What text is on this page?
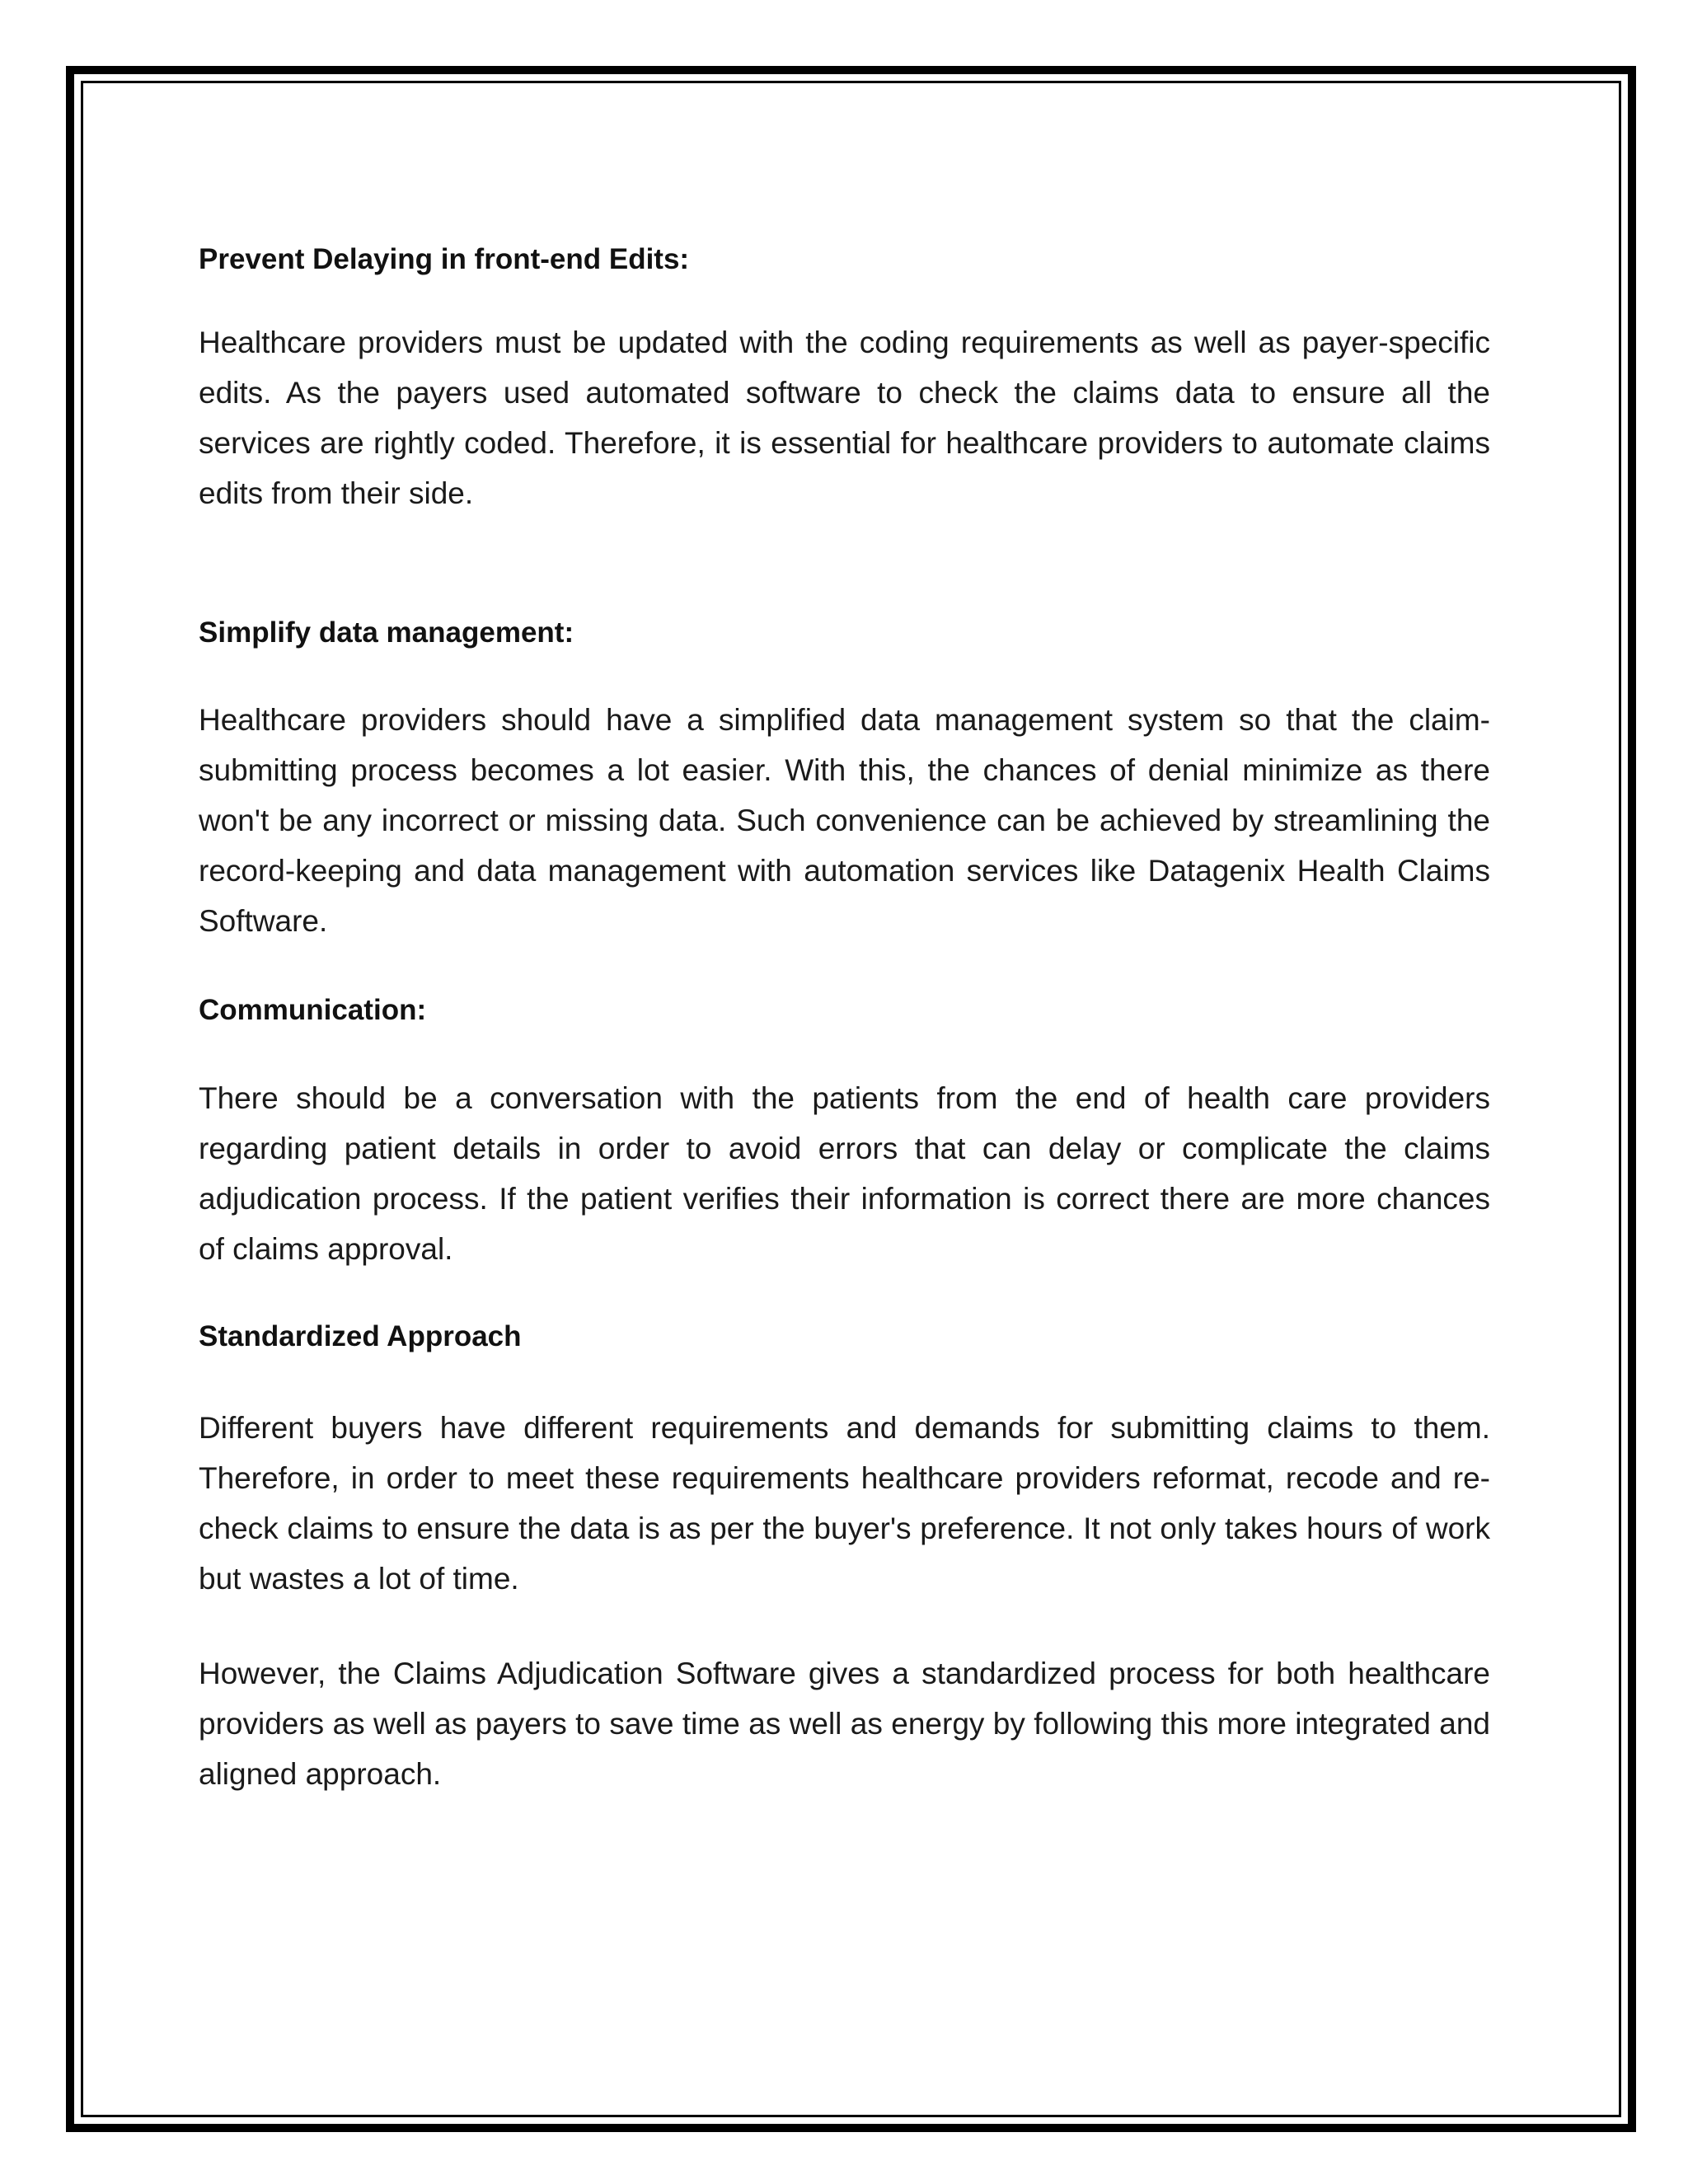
Prevent Delaying in front-end Edits:

Healthcare providers must be updated with the coding requirements as well as payer-specific edits. As the payers used automated software to check the claims data to ensure all the services are rightly coded. Therefore, it is essential for healthcare providers to automate claims edits from their side.

Simplify data management:

Healthcare providers should have a simplified data management system so that the claim- submitting process becomes a lot easier. With this, the chances of denial minimize as there won't be any incorrect or missing data. Such convenience can be achieved by streamlining the record-keeping and data management with automation services like Datagenix Health Claims Software.

Communication:

There should be a conversation with the patients from the end of health care providers regarding patient details in order to avoid errors that can delay or complicate the claims adjudication process. If the patient verifies their information is correct there are more chances of claims approval.

Standardized Approach

Different buyers have different requirements and demands for submitting claims to them. Therefore, in order to meet these requirements healthcare providers reformat, recode and re- check claims to ensure the data is as per the buyer's preference. It not only takes hours of work but wastes a lot of time.

However, the Claims Adjudication Software gives a standardized process for both healthcare providers as well as payers to save time as well as energy by following this more integrated and aligned approach.
